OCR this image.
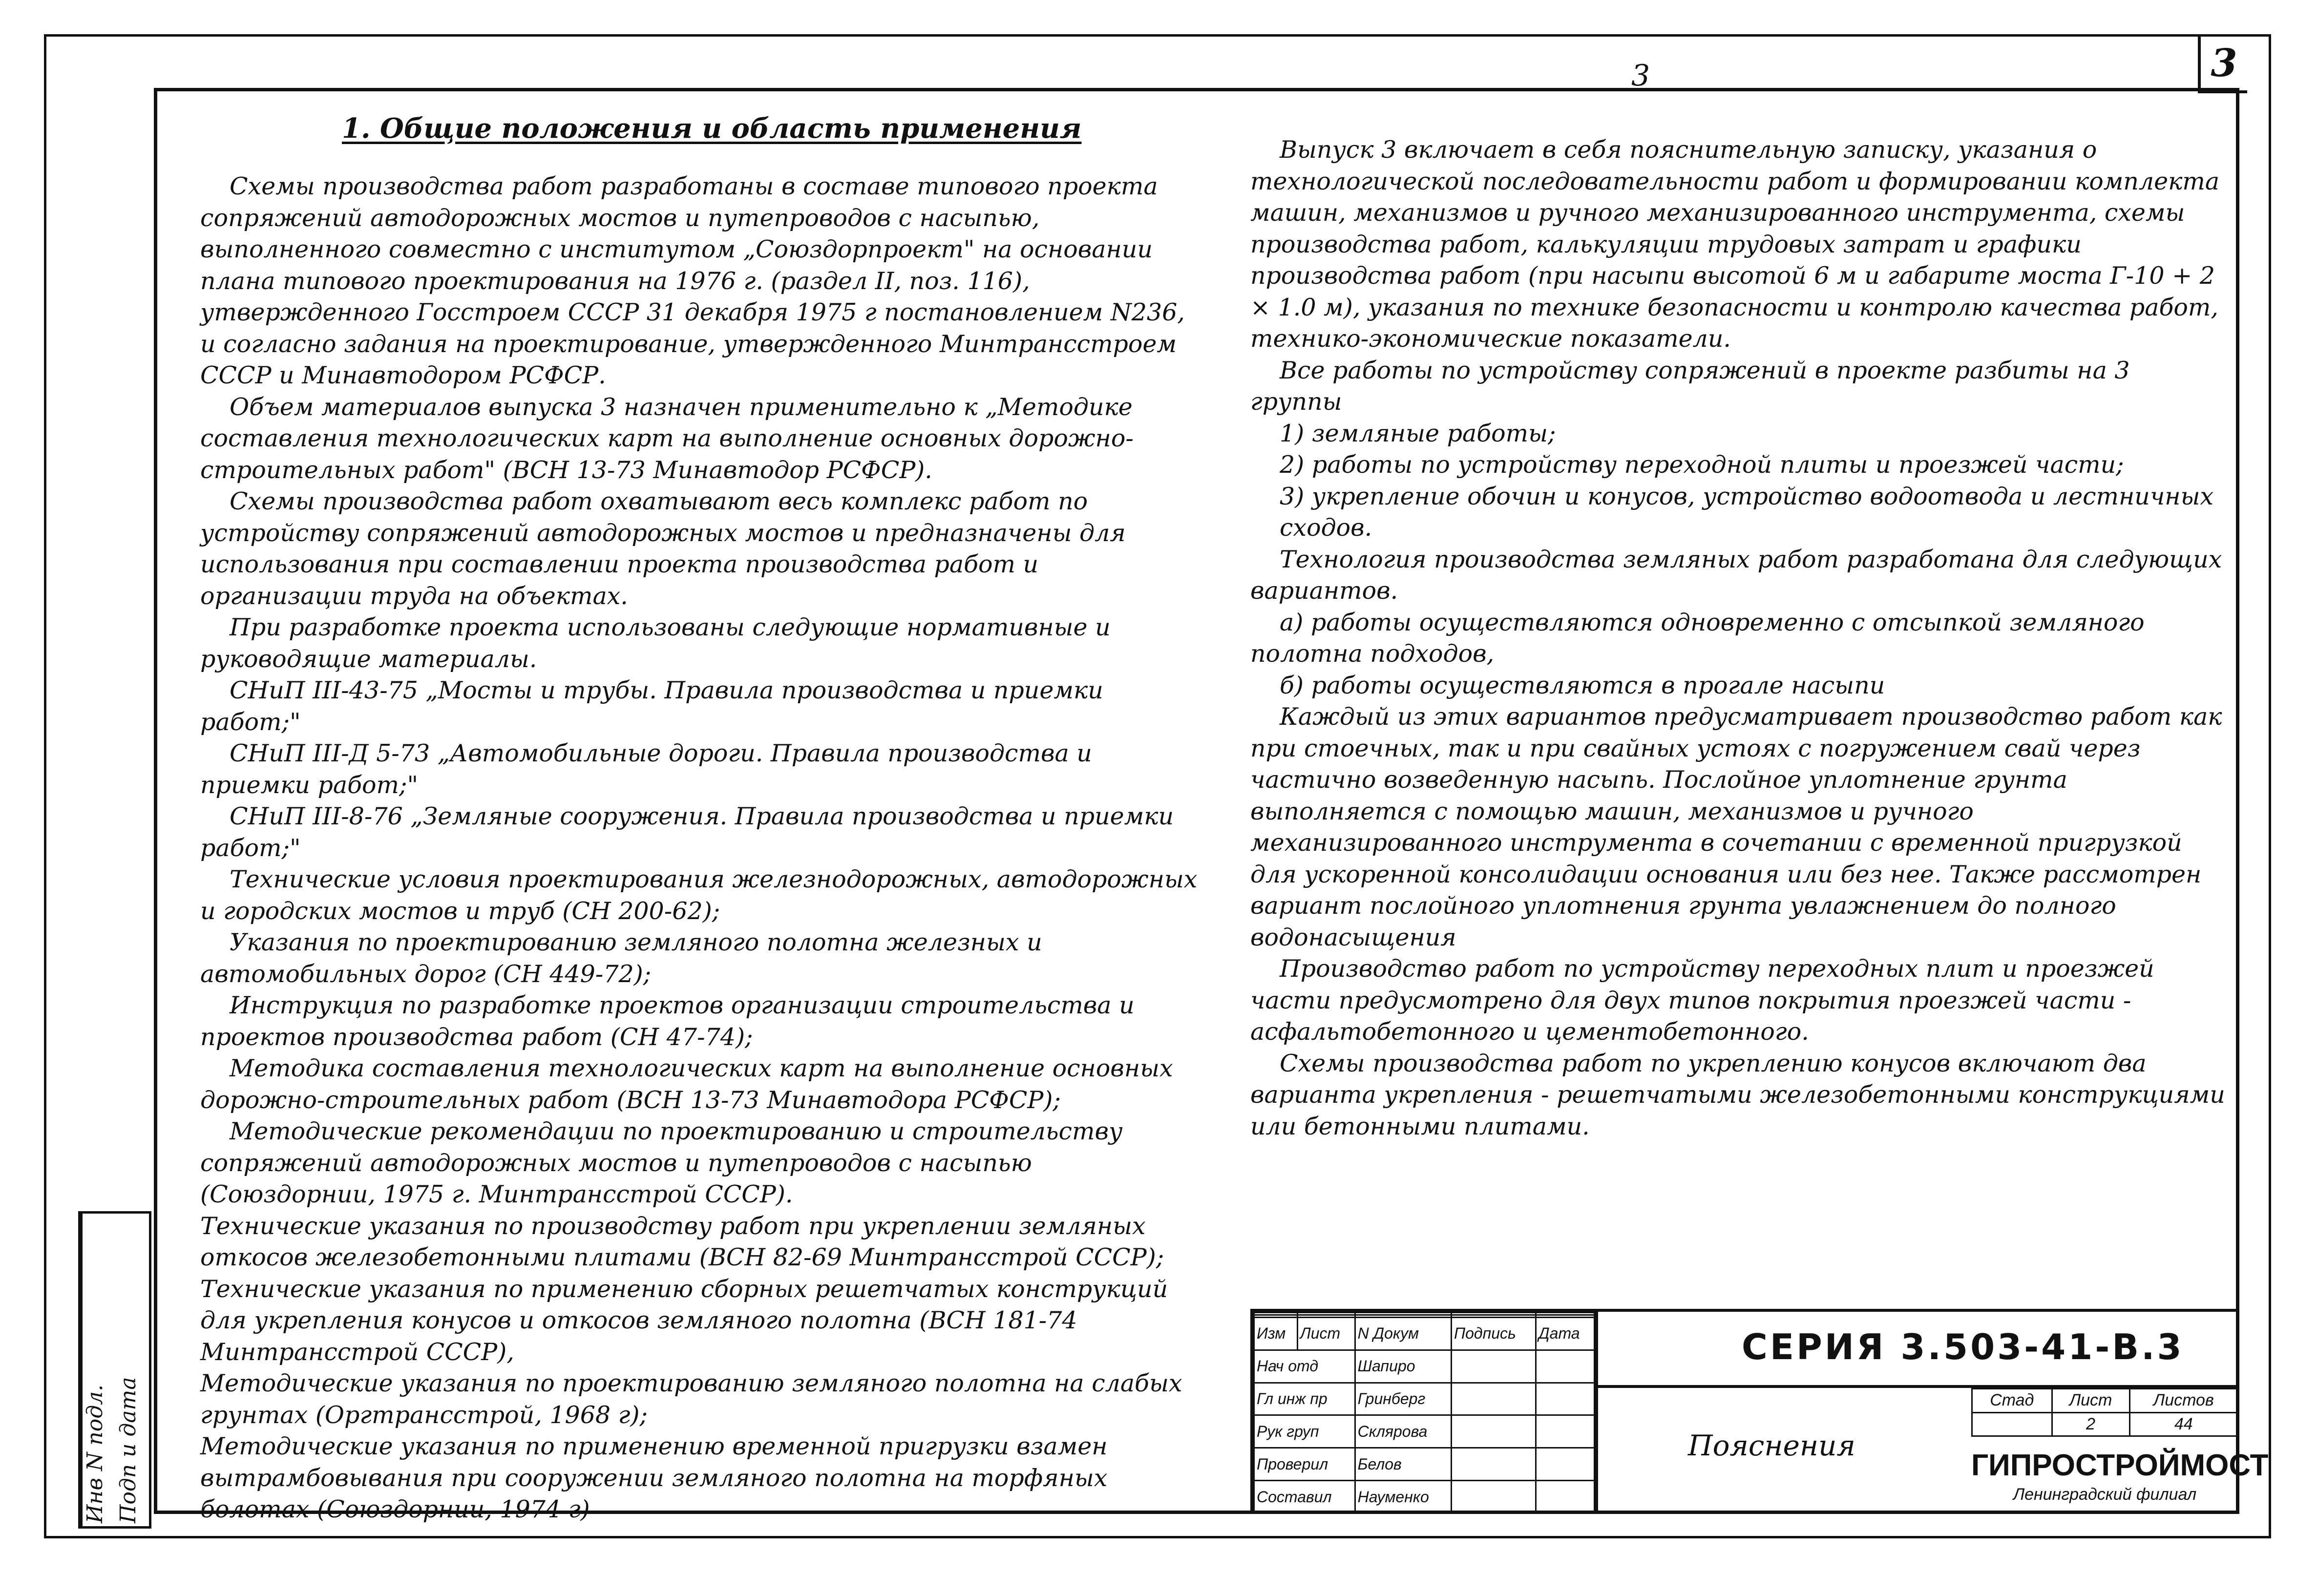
3
3
Инв N подл. Подп и дата
1. Общие положения и область применения

Схемы производства работ разработаны в составе типового проекта сопряжений автодорожных мостов и путепроводов с насыпью, выполненного совместно с институтом „Союздорпроект" на основании плана типового проектирования на 1976 г. (раздел II, поз. 116), утвержденного Госстроем СССР 31 декабря 1975 г постановлением N236, и согласно задания на проектирование, утвержденного Минтрансстроем СССР и Минавтодором РСФСР.

Объем материалов выпуска 3 назначен применительно к „Методике составления технологических карт на выполнение основных дорожно-строительных работ" (ВСН 13-73 Минавтодор РСФСР).

Схемы производства работ охватывают весь комплекс работ по устройству сопряжений автодорожных мостов и предназначены для использования при составлении проекта производства работ и организации труда на объектах.

При разработке проекта использованы следующие нормативные и руководящие материалы.

СНиП III-43-75 „Мосты и трубы. Правила производства и приемки работ;"

СНиП III-Д 5-73 „Автомобильные дороги. Правила производства и приемки работ;"

СНиП III-8-76 „Земляные сооружения. Правила производства и приемки работ;"

Технические условия проектирования железнодорожных, автодорожных и городских мостов и труб (СН 200-62);

Указания по проектированию земляного полотна железных и автомобильных дорог (СН 449-72);

Инструкция по разработке проектов организации строительства и проектов производства работ (СН 47-74);

Методика составления технологических карт на выполнение основных дорожно-строительных работ (ВСН 13-73 Минавтодора РСФСР);

Методические рекомендации по проектированию и строительству сопряжений автодорожных мостов и путепроводов с насыпью (Союздорнии, 1975 г. Минтрансстрой СССР).

Технические указания по производству работ при укреплении земляных откосов железобетонными плитами (ВСН 82-69 Минтрансстрой СССР);

Технические указания по применению сборных решетчатых конструкций для укрепления конусов и откосов земляного полотна (ВСН 181-74 Минтрансстрой СССР),

Методические указания по проектированию земляного полотна на слабых грунтах (Оргтрансстрой, 1968 г);

Методические указания по применению временной пригрузки взамен вытрамбовывания при сооружении земляного полотна на торфяных болотах (Союздорнии, 1974 г)

Выпуск 3 включает в себя пояснительную записку, указания о технологической последовательности работ и формировании комплекта машин, механизмов и ручного механизированного инструмента, схемы производства работ, калькуляции трудовых затрат и графики производства работ (при насыпи высотой 6 м и габарите моста Г-10 + 2 × 1.0 м), указания по технике безопасности и контролю качества работ, технико-экономические показатели.

Все работы по устройству сопряжений в проекте разбиты на 3 группы

1) земляные работы;

2) работы по устройству переходной плиты и проезжей части;

3) укрепление обочин и конусов, устройство водоотвода и лестничных сходов.

Технология производства земляных работ разработана для следующих вариантов.

а) работы осуществляются одновременно с отсыпкой земляного полотна подходов,

б) работы осуществляются в прогале насыпи

Каждый из этих вариантов предусматривает производство работ как при стоечных, так и при свайных устоях с погружением свай через частично возведенную насыпь. Послойное уплотнение грунта выполняется с помощью машин, механизмов и ручного механизированного инструмента в сочетании с временной пригрузкой для ускоренной консолидации основания или без нее. Также рассмотрен вариант послойного уплотнения грунта увлажнением до полного водонасыщения

Производство работ по устройству переходных плит и проезжей части предусмотрено для двух типов покрытия проезжей части - асфальтобетонного и цементобетонного.

Схемы производства работ по укреплению конусов включают два варианта укрепления - решетчатыми железобетонными конструкциями или бетонными плитами.

Изм	Лист	N Докум	Подпись	Дата
Нач отд		Шапиро		
Гл инж пр		Гринберг		
Рук груп		Склярова		
Проверил		Белов		
Составил		Науменко		
СЕРИЯ 3.503-41-В.3
Пояснения
Стад	Лист	Листов
	2	44
ГИПРОСТРОЙМОСТ
Ленинградский филиал
